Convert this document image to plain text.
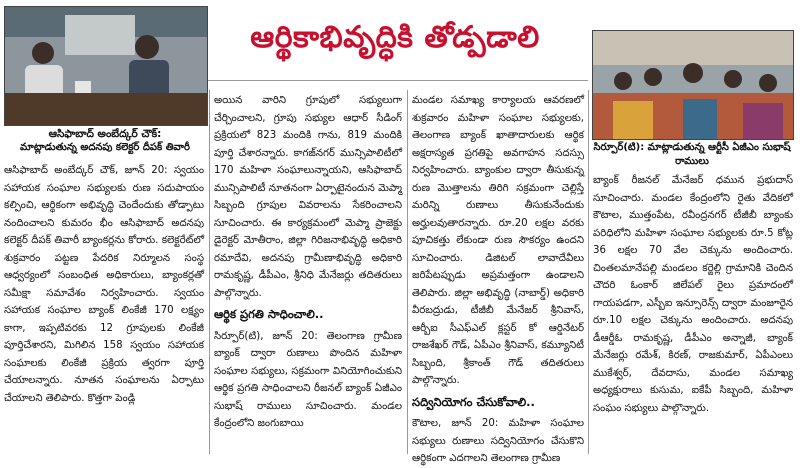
ఆసిఫాబాద్ అంబేద్కర్ చౌక్:
మాట్లాడుతున్న అదనపు కలెక్టర్ దీపక్ తివారీ
ఆర్థికాభివృద్ధికి తోడ్పడాలి
సిర్పూర్(టి): మాట్లాడుతున్న ఆర్టీసీ ఏజీఎం సుభాష్ రాములు

ఆసిఫాబాద్ అంబేద్కర్ చౌక్, జూన్ 20: స్వయం సహాయక సంఘాల సభ్యులకు రుణ సదుపాయం కల్పించి, ఆర్థికంగా అభివృద్ధి చెందేందుకు తోడ్పాటు నందించాలని కుమరం భీం ఆసిఫాబాద్ అదనపు కలెక్టర్ దీపక్ తివారీ బ్యాంకర్లను కోరారు. కలెక్టరేట్‌లో శుక్రవారం పట్టణ పేదరిక నిర్మూలన సంస్థ ఆధ్వర్యంలో సంబంధిత అధికారులు, బ్యాంకర్లతో సమీక్షా సమావేశం నిర్వహించారు. స్వయం సహాయక సంఘాల బ్యాంక్ లింకేజీ 170 లక్ష్యం కాగా, ఇప్పటివరకు 12 గ్రూపులకు లింకేజీ పూర్తిచేశారని, మిగిలిన 158 స్వయం సహాయక సంఘాలకు లింకేజీ ప్రక్రియ త్వరగా పూర్తి చేయాలన్నారు. నూతన సంఘాలను ఏర్పాటు చేయాలని తెలిపారు. కొత్తగా పెండ్లి

అయిన వారిని గ్రూపులో సభ్యులుగా చేర్చించాలని, గ్రూపు సభ్యుల ఆధార్ సీడింగ్ ప్రక్రియలో 823 మందికి గాను, 819 మందికి పూర్తి చేశారన్నారు. కాగజ్‌నగర్ మున్సిపాలిటీలో 170 మహిళా సంఘాలున్నాయని, ఆసిఫాబాద్ మున్సిపాలిటీ నూతనంగా ఏర్పాటైనందున మెప్మా సిబ్బంది గ్రూపుల వివరాలను సేకరించాలని సూచించారు. ఈ కార్యక్రమంలో మెప్మా ప్రాజెక్టు డైరెక్టర్ మోతీరాం, జిల్లా గిరిజనాభివృద్ధి అధికారి రమాదేవి, అదనపు గ్రామీణాభివృద్ధి అధికారి రామకృష్ణ, డీపీఎం, శ్రీనిధి మేనేజర్లు తదితరులు పాల్గొన్నారు.

ఆర్థిక ప్రగతి సాధించాలి..

సిర్పూర్(టి), జూన్ 20: తెలంగాణ గ్రామీణ బ్యాంక్ ద్వారా రుణాలు పొందిన మహిళా సంఘాల సభ్యులు, సక్రమంగా వినియోగించుకుని ఆర్థిక ప్రగతి సాధించాలని రీజనల్ బ్యాంక్ ఏజీఎం సుభాష్ రాములు సూచించారు. మండల కేంద్రంలోని జంగుబాయి

మండల సమాఖ్య కార్యాలయ ఆవరణలో శుక్రవారం మహిళా సంఘాల సభ్యులకు, తెలంగాణ బ్యాంక్ ఖాతాదారులకు ఆర్థిక అక్షరాస్యత ప్రగతిపై అవగాహన సదస్సు నిర్వహించారు. బ్యాంకుల ద్వారా తీసుకున్న రుణ మొత్తాలను తిరిగి సక్రమంగా చెల్లిస్తే మరిన్ని రుణాలు తీసుకునేందుకు అర్హులవుతారన్నారు. రూ.20 లక్షల వరకు పూచికత్తు లేకుండా రుణ సౌకర్యం ఉందని సూచించారు. డిజిటల్ లావాదేవీలు జరిపేటప్పుడు అప్రమత్తంగా ఉండాలని తెలిపారు. జిల్లా అభివృద్ధి (నాబార్డ్) అధికారి వీరబద్రుడు, టీజీబీ మేనేజర్ శ్రీనివాస్, ఆర్బీఐ సీఎఫ్ఎల్ క్లస్టర్ కో ఆర్డినేటర్ రాజశేఖర్ గౌడ్, ఏపీఎం శ్రీనివాస్, కమ్యూనిటీ సిబ్బంది, శ్రీకాంత్ గౌడ్ తదితరులు పాల్గొన్నారు.

సద్వినియోగం చేసుకోవాలి..

కౌటాల, జూన్ 20: మహిళా సంఘాల సభ్యులు రుణాలు సద్వినియోగం చేసుకొని ఆర్థికంగా ఎదగాలని తెలంగాణ గ్రామీణ

బ్యాంక్ రీజనల్ మేనేజర్ ధమున ప్రభుదాస్ సూచించారు. మండల కేంద్రంలోని రైతు వేదికలో కౌటాల, ముత్తంపేట, రవీంద్రనగర్ టీజీబీ బ్యాంకు పరిధిలోని మహిళా సంఘాల సభ్యులకు రూ.5 కోట్ల 36 లక్షల 70 వేల చెక్కును అందించారు. చింతలమానేపల్లి మండలం కర్జెల్లి గ్రామానికి చెందిన చౌదరి ఓంకార్ జిలేపల్ రైలు ప్రమాదంలో గాయపడగా, ఎస్బీఐ ఇన్సూరెన్స్ ద్వారా మంజూరైన రూ.10 లక్షల చెక్కును అందించారు. అదనపు డీఆర్డీఓ రామకృష్ణ, డీపీఎం అన్నాజీ, బ్యాంక్ మేనేజర్లు రమేశ్, కిరణ్, రాజకుమార్, ఏపీఎంలు ముకేశ్వర్, దేవదాసు, మండల సమాఖ్య అధ్యక్షురాలు కుసుమ, ఐకేపీ సిబ్బంది, మహిళా సంఘం సభ్యులు పాల్గొన్నారు.
